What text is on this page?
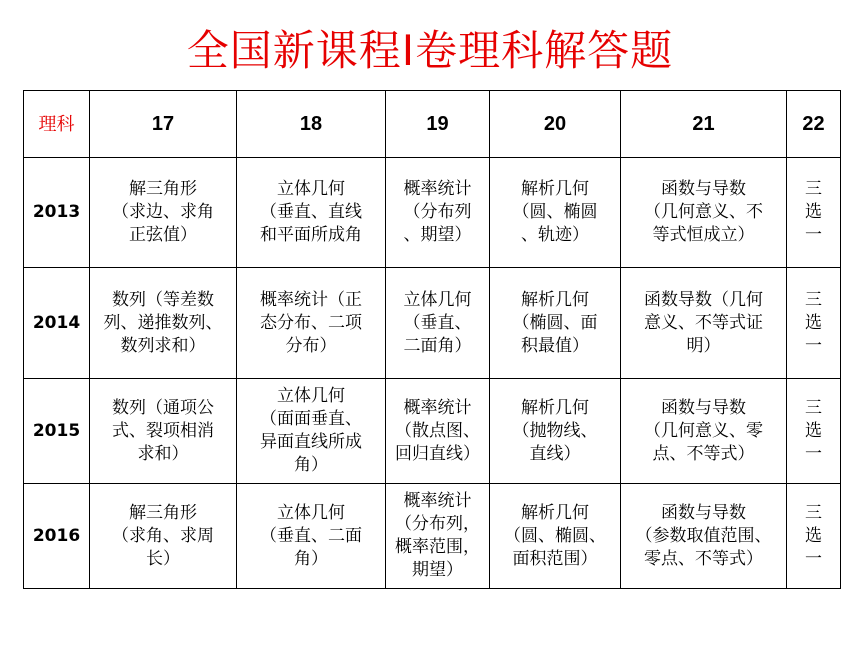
全国新课程Ⅰ卷理科解答题
理科	17	18	19	20	21	22
2013	解三角形
（求边、求角
正弦值）	立体几何
（垂直、直线
和平面所成角	概率统计
（分布列
、期望）	解析几何
（圆、椭圆
、轨迹）	函数与导数
（几何意义、不
等式恒成立）	三
选
一

2014	数列（等差数
列、递推数列、
数列求和）	概率统计（正
态分布、二项
分布）	立体几何
（垂直、
二面角）	解析几何
（椭圆、面
积最值）	函数导数（几何
意义、不等式证
明）	三
选
一

2015	数列（通项公
式、裂项相消
求和）	立体几何
（面面垂直、
异面直线所成
角）	概率统计
（散点图、
回归直线）	解析几何
（抛物线、
直线）	函数与导数
（几何意义、零
点、不等式）	三
选
一

2016	解三角形
（求角、求周
长）	立体几何
（垂直、二面
角）	概率统计
（分布列，
概率范围，
期望）	解析几何
（圆、椭圆、
面积范围）	函数与导数
（参数取值范围、
零点、不等式）	三
选
一
